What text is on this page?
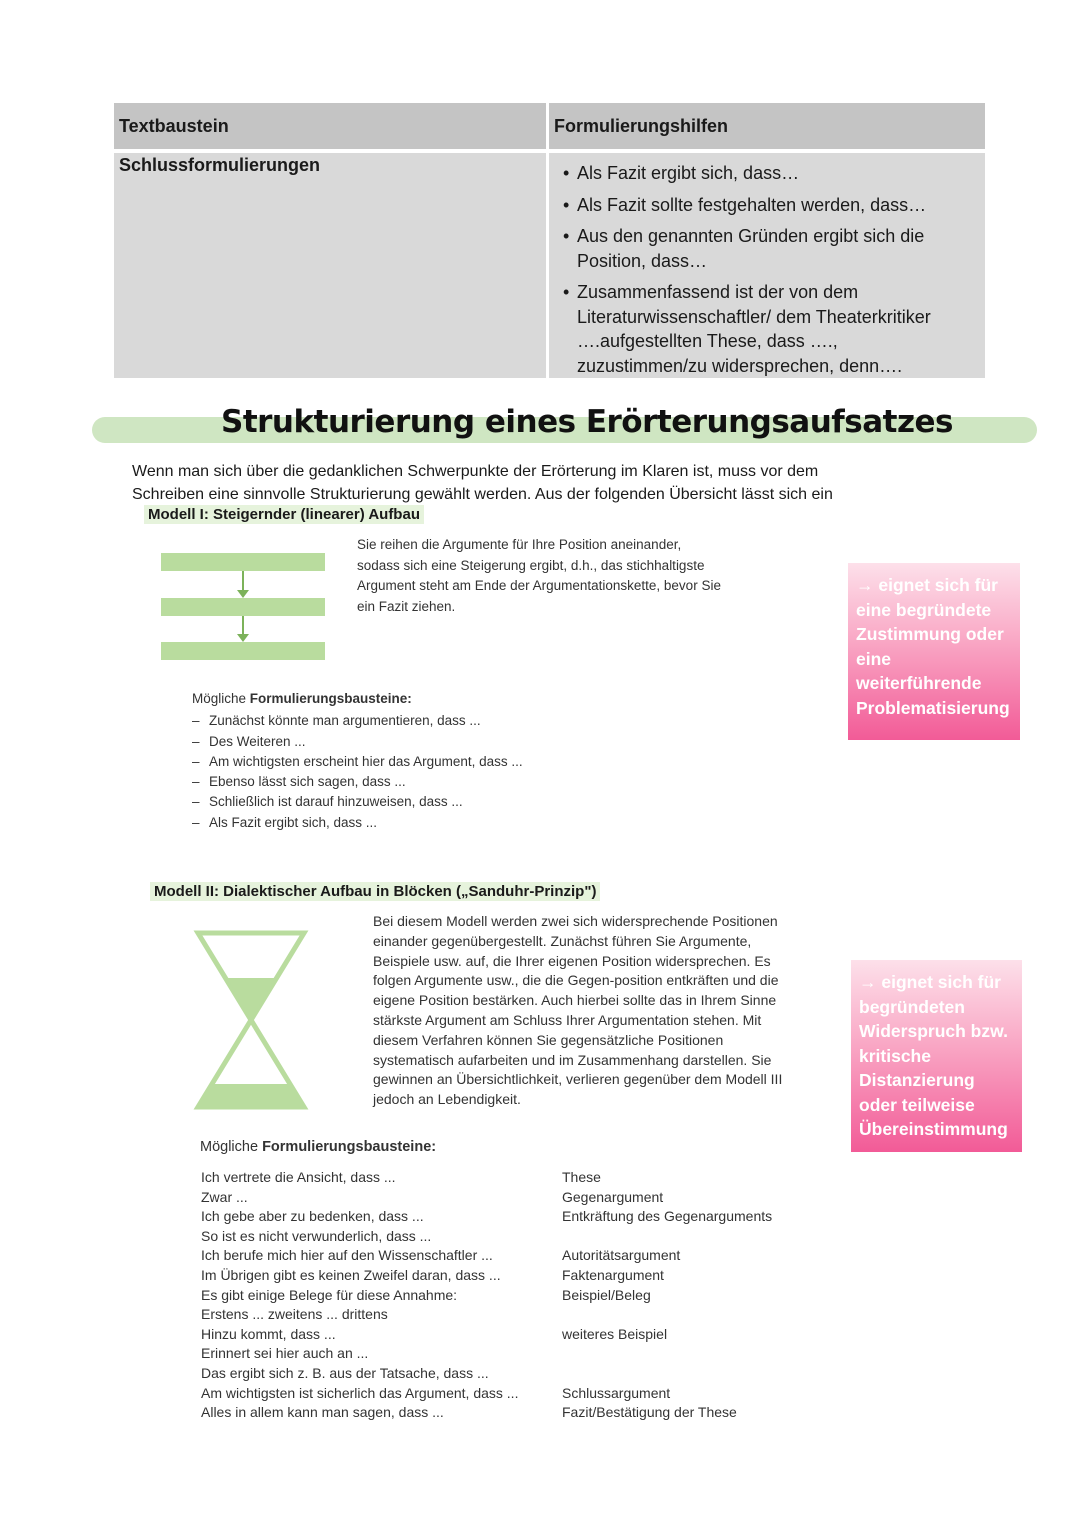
Textbaustein	Formulierungshilfen
Schlussformulierungen
•	Als Fazit ergibt sich, dass…
• Als Fazit sollte festgehalten werden, dass…
• Aus den genannten Gründen ergibt sich die Position, dass…
• Zusammenfassend ist der von dem Literaturwissenschaftler/ dem Theaterkritiker ….aufgestellten These, dass …., zuzustimmen/zu widersprechen, denn….
Strukturierung eines Erörterungsaufsatzes
Wenn man sich über die gedanklichen Schwerpunkte der Erörterung im Klaren ist, muss vor dem Schreiben eine sinnvolle Strukturierung gewählt werden. Aus der folgenden Übersicht lässt sich ein
Modell I: Steigernder (linearer) Aufbau
Sie reihen die Argumente für Ihre Position aneinander, sodass sich eine Steigerung ergibt, d.h., das stichhaltigste Argument steht am Ende der Argumentationskette, bevor Sie ein Fazit ziehen.
→ eignet sich für eine begründete Zustimmung oder eine weiterführende Problematisierung
Mögliche Formulierungsbausteine:
– Zunächst könnte man argumentieren, dass ...
– Des Weiteren ...
– Am wichtigsten erscheint hier das Argument, dass ...
– Ebenso lässt sich sagen, dass ...
– Schließlich ist darauf hinzuweisen, dass ...
– Als Fazit ergibt sich, dass ...
Modell II: Dialektischer Aufbau in Blöcken („Sanduhr-Prinzip")
Bei diesem Modell werden zwei sich widersprechende Positionen einander gegenübergestellt. Zunächst führen Sie Argumente, Beispiele usw. auf, die Ihrer eigenen Position widersprechen. Es folgen Argumente usw., die die Gegen-position entkräften und die eigene Position bestärken. Auch hierbei sollte das in Ihrem Sinne stärkste Argument am Schluss Ihrer Argumentation stehen. Mit diesem Verfahren können Sie gegensätzliche Positionen systematisch aufarbeiten und im Zusammenhang darstellen. Sie gewinnen an Übersichtlichkeit, verlieren gegenüber dem Modell III jedoch an Lebendigkeit.
→ eignet sich für begründeten Widerspruch bzw. kritische Distanzierung oder teilweise Übereinstimmung
Mögliche Formulierungsbausteine:
Ich vertrete die Ansicht, dass ...
Zwar ...
Ich gebe aber zu bedenken, dass ...
So ist es nicht verwunderlich, dass ...
Ich berufe mich hier auf den Wissenschaftler ...
Im Übrigen gibt es keinen Zweifel daran, dass ...
Es gibt einige Belege für diese Annahme:
Erstens ... zweitens ... drittens
Hinzu kommt, dass ...
Erinnert sei hier auch an ...
Das ergibt sich z. B. aus der Tatsache, dass ...
Am wichtigsten ist sicherlich das Argument, dass ...
Alles in allem kann man sagen, dass ...
These
Gegenargument
Entkräftung des Gegenarguments
Autoritätsargument
Faktenargument
Beispiel/Beleg
weiteres Beispiel
Schlussargument
Fazit/Bestätigung der These
